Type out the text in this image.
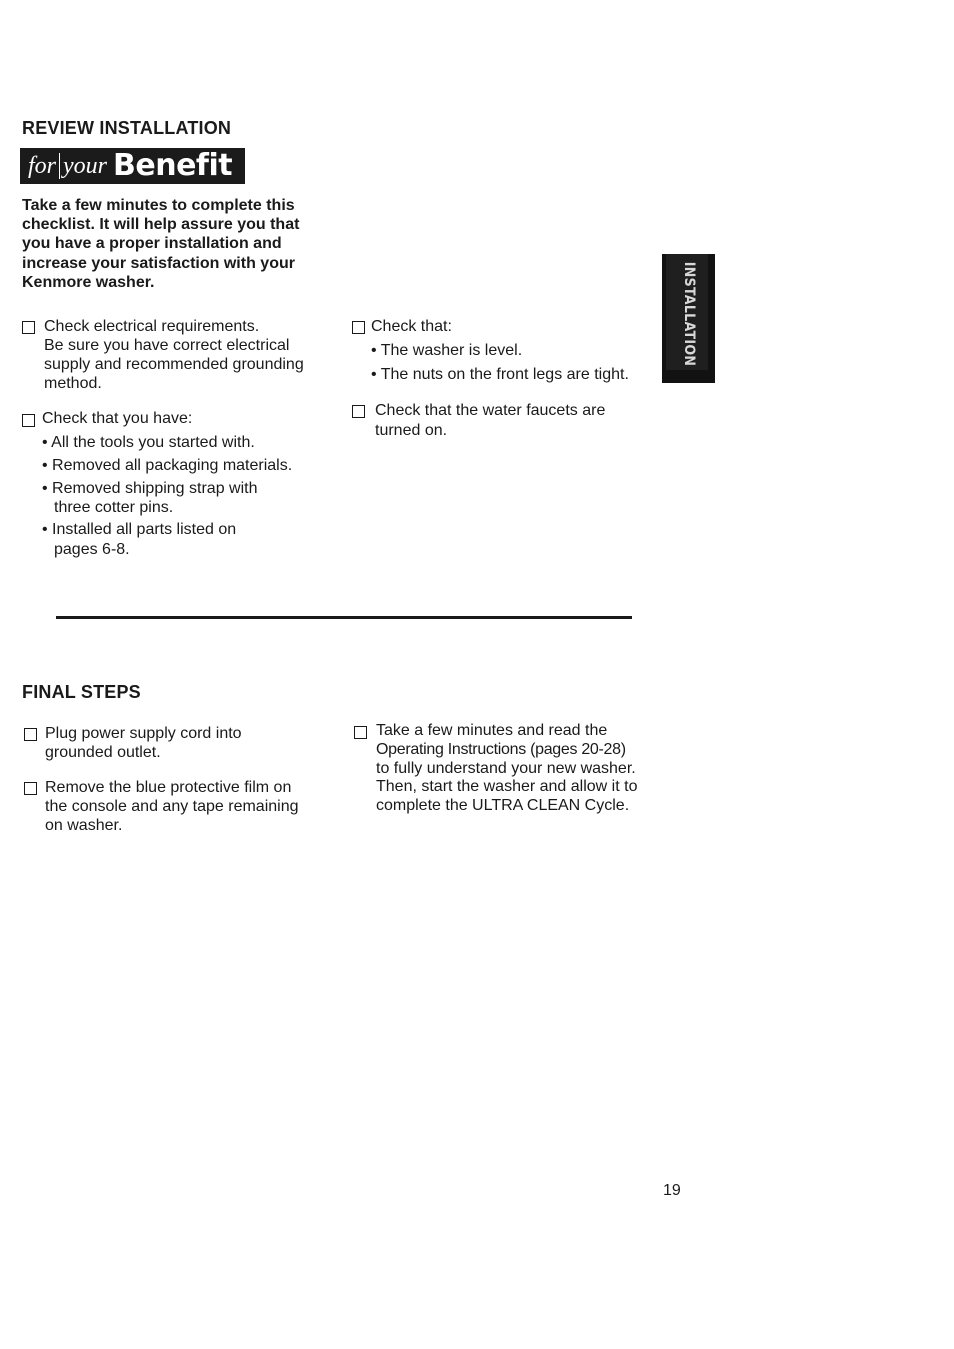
REVIEW INSTALLATION
for your Benefit
Take a few minutes to complete this checklist. It will help assure you that you have a proper installation and increase your satisfaction with your Kenmore washer.
Check electrical requirements.
Be sure you have correct electrical
supply and recommended grounding
method.
Check that you have:
• All the tools you started with.
• Removed all packaging materials.
• Removed shipping strap with
three cotter pins.
• Installed all parts listed on
pages 6-8.
Check that:
• The washer is level.
• The nuts on the front legs are tight.
Check that the water faucets are
turned on.
INSTALLATION
FINAL STEPS
Plug power supply cord into
grounded outlet.
Remove the blue protective film on
the console and any tape remaining
on washer.
Take a few minutes and read the
Operating Instructions (pages 20-28)
to fully understand your new washer.
Then, start the washer and allow it to
complete the ULTRA CLEAN Cycle.
19
